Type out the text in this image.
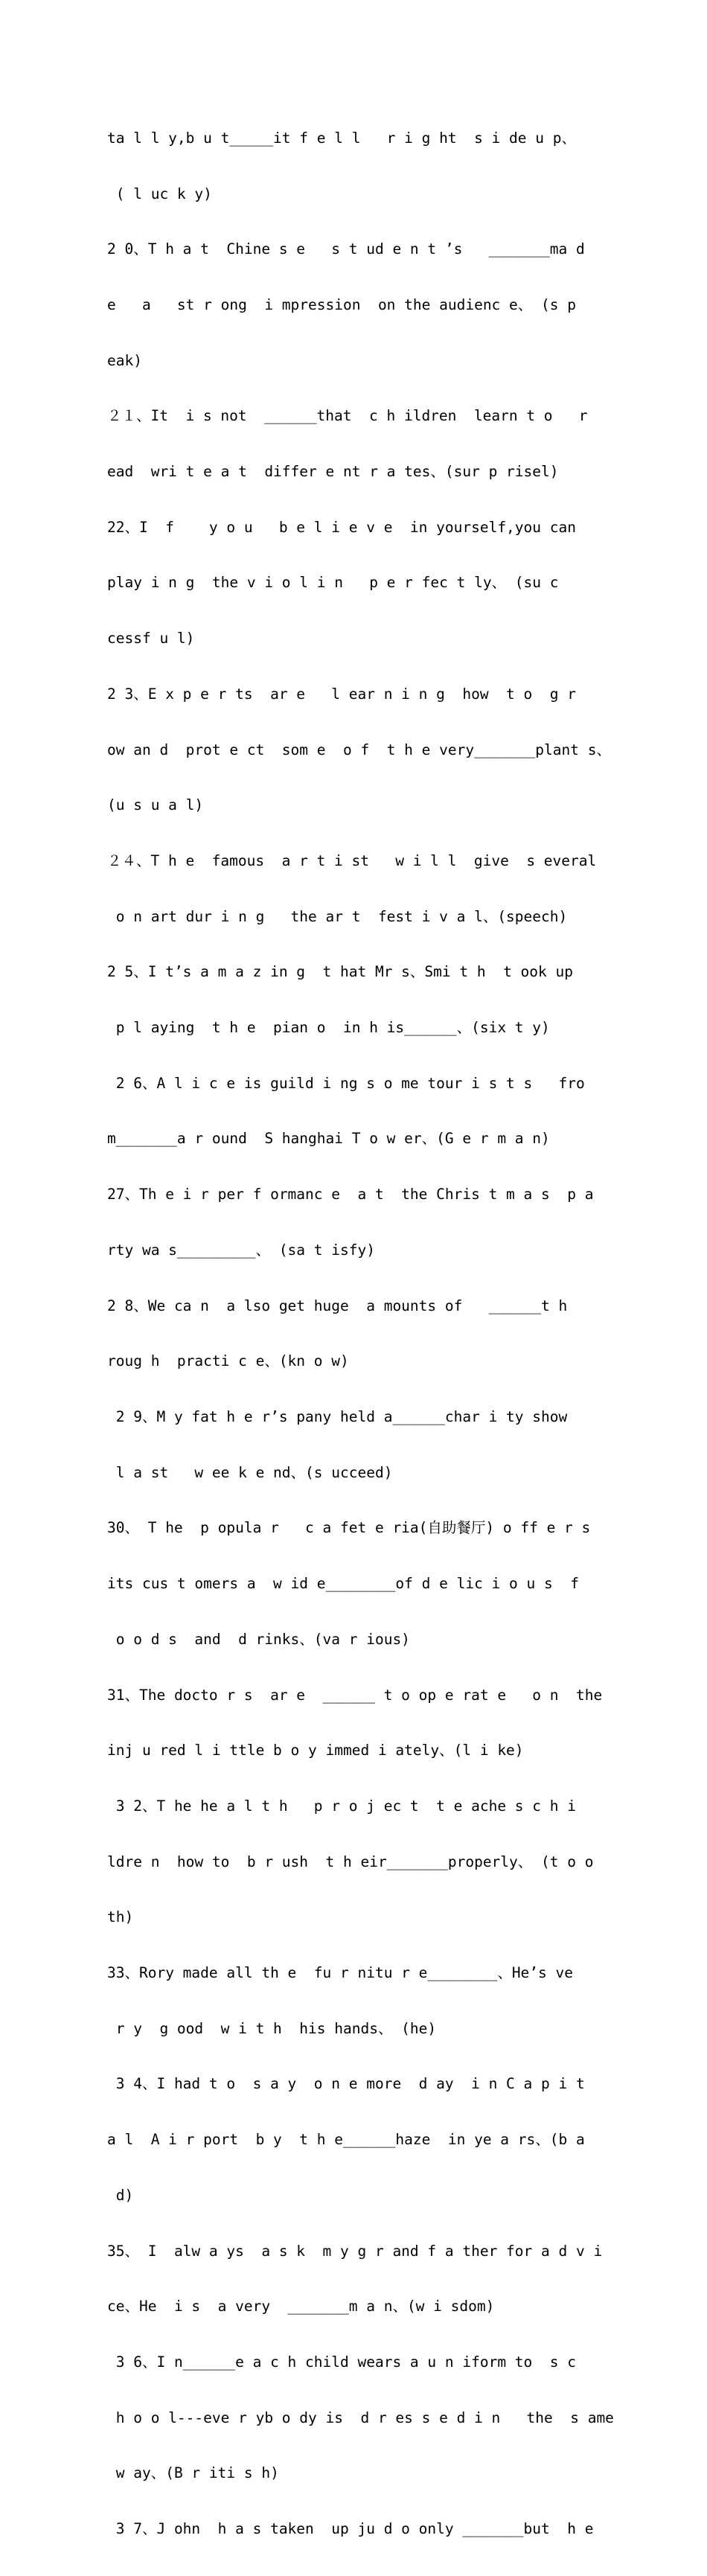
ta l l y,b u t_____it f e l l   r i g ht  s i de u p、

( l uc k y)

2 0、T h a t  Chine s e   s t ud e n t ’s   _______ma d

e   a   st r ong  i mpression  on the audienc e、 (s p

eak)

２１、It  i s not  ______that  c h ildren  learn t o   r

ead  wri t e a t  differ e nt r a tes、(sur p risel)

22、I  f    y o u   b e l i e v e  in yourself,you can

play i n g  the v i o l i n   p e r fec t ly、 (su c

cessf u l)

2 3、E x p e r ts  ar e   l ear n i n g  how  t o  g r

ow an d  prot e ct  som e  o f  t h e very_______plant s、

(u s u a l)

２４、T h e  famous  a r t i st   w i l l  give  s everal

o n art dur i n g   the ar t  fest i v a l、(speech)

2 5、I t’s a m a z in g  t hat Mr s、Smi t h  t ook up

p l aying  t h e  pian o  in h is______、(six t y)

2 6、A l i c e is guild i ng s o me tour i s t s   fro

m_______a r ound  S hanghai T o w er、(G e r m a n)

27、Th e i r per f ormanc e  a t  the Chris t m a s  p a

rty wa s_________、 (sa t isfy)

2 8、We ca n  a lso get huge  a mounts of   ______t h

roug h  practi c e、(kn o w)

2 9、M y fat h e r’s pany held a______char i ty show

l a st   w ee k e nd、(s ucceed)

30、 T he  p opula r   c a fet e ria(自助餐厅) o ff e r s

its cus t omers a  w id e________of d e lic i o u s  f

o o d s  and  d rinks、(va r ious)

31、The docto r s  ar e  ______ t o op e rat e   o n  the

inj u red l i ttle b o y immed i ately、(l i ke)

3 2、T he he a l t h   p r o j ec t  t e ache s c h i

ldre n  how to  b r ush  t h eir_______properly、 (t o o

th)

33、Rory made all th e  fu r nitu r e________、He’s ve

r y  g ood  w i t h  his hands、 (he)

3 4、I had t o  s a y  o n e more  d ay  i n C a p i t

a l  A i r port  b y  t h e______haze  in ye a rs、(b a

d)

35、 I  alw a ys  a s k  m y g r and f a ther for a d v i

ce、He  i s  a very  _______m a n、(w i sdom)

3 6、I n______e a c h child wears a u n iform to  s c

h o o l---eve r yb o dy is  d r es s e d i n   the  s ame

w ay、(B r iti s h)

3 7、J ohn  h a s taken  up ju d o only _______but  h e
